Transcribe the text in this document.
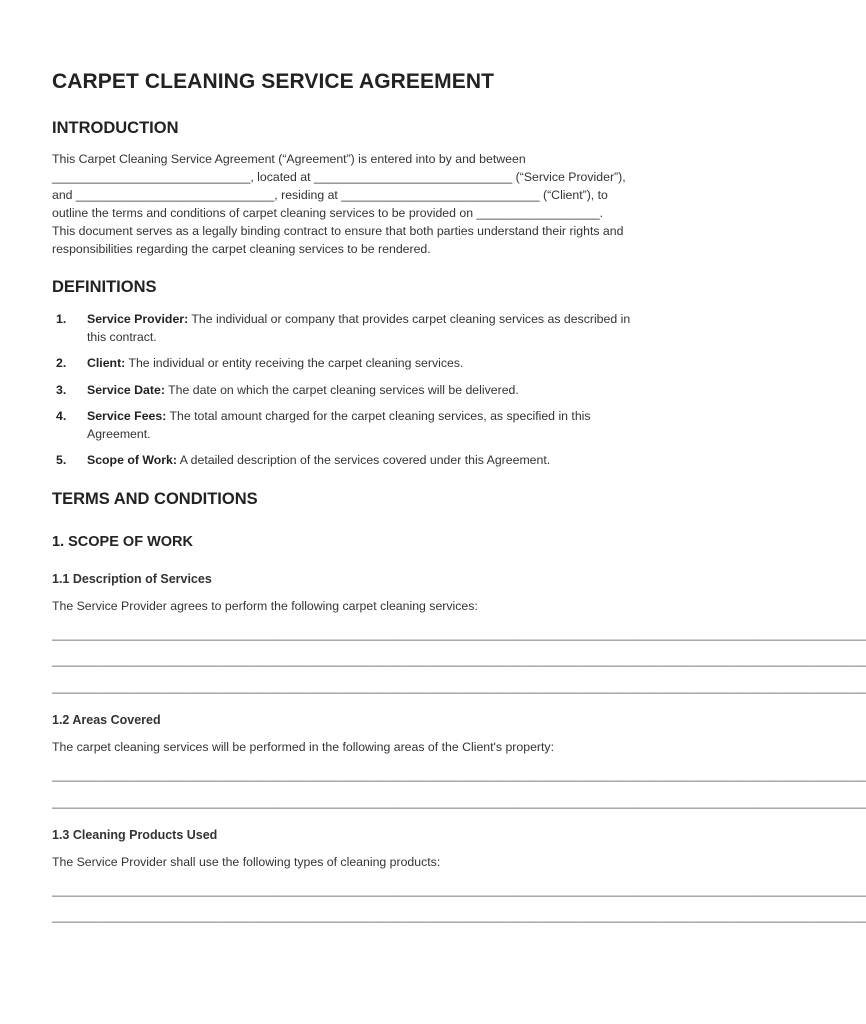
CARPET CLEANING SERVICE AGREEMENT
INTRODUCTION
This Carpet Cleaning Service Agreement (“Agreement”) is entered into by and between
_____________________________, located at _____________________________ (“Service Provider”),
and _____________________________, residing at _____________________________ (“Client”), to
outline the terms and conditions of carpet cleaning services to be provided on __________________.
This document serves as a legally binding contract to ensure that both parties understand their rights and
responsibilities regarding the carpet cleaning services to be rendered.
DEFINITIONS
1. Service Provider: The individual or company that provides carpet cleaning services as described in
this contract.
2. Client: The individual or entity receiving the carpet cleaning services.
3. Service Date: The date on which the carpet cleaning services will be delivered.
4. Service Fees: The total amount charged for the carpet cleaning services, as specified in this
Agreement.
5. Scope of Work: A detailed description of the services covered under this Agreement.
TERMS AND CONDITIONS
1. SCOPE OF WORK
1.1 Description of Services

The Service Provider agrees to perform the following carpet cleaning services:

__________________________________________________________________________________________________________________________

__________________________________________________________________________________________________________________________

__________________________________________________________________________________________________________________________

1.2 Areas Covered

The carpet cleaning services will be performed in the following areas of the Client's property:

__________________________________________________________________________________________________________________________

__________________________________________________________________________________________________________________________

1.3 Cleaning Products Used

The Service Provider shall use the following types of cleaning products:

__________________________________________________________________________________________________________________________

__________________________________________________________________________________________________________________________
